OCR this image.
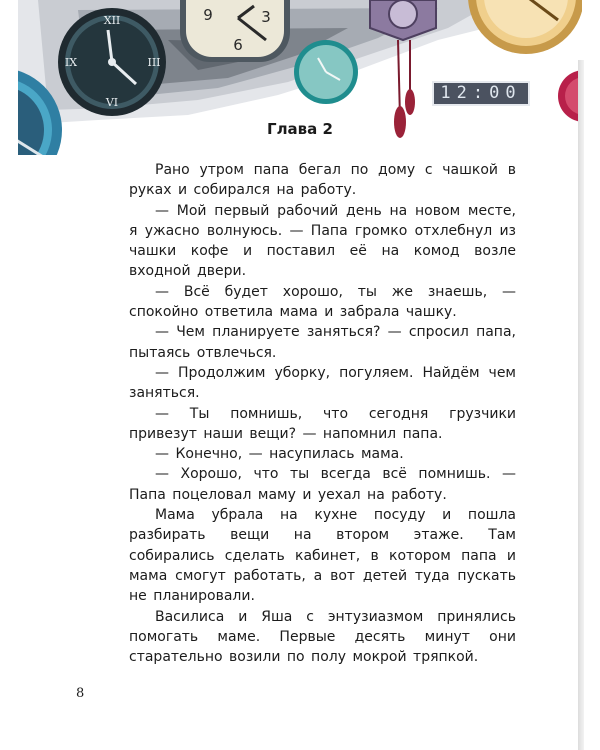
XII
III
VI
IX
9
6
3
12:00
Глава 2

Рано утром папа бегал по дому с чашкой в руках и собирался на работу.

— Мой первый рабочий день на новом месте, я ужасно волнуюсь. — Папа громко отхлебнул из чашки кофе и поставил её на комод возле входной двери.

— Всё будет хорошо, ты же знаешь, — спокойно ответила мама и забрала чашку.

— Чем планируете заняться? — спросил папа, пытаясь отвлечься.

— Продолжим уборку, погуляем. Найдём чем заняться.

— Ты помнишь, что сегодня грузчики привезут наши вещи? — напомнил папа.

— Конечно, — насупилась мама.

— Хорошо, что ты всегда всё помнишь. — Папа поцеловал маму и уехал на работу.

Мама убрала на кухне посуду и пошла разбирать вещи на втором этаже. Там собирались сделать кабинет, в котором папа и мама смогут работать, а вот детей туда пускать не планировали.

Василиса и Яша с энтузиазмом принялись помогать маме. Первые десять минут они старательно возили по полу мокрой тряпкой.

8
